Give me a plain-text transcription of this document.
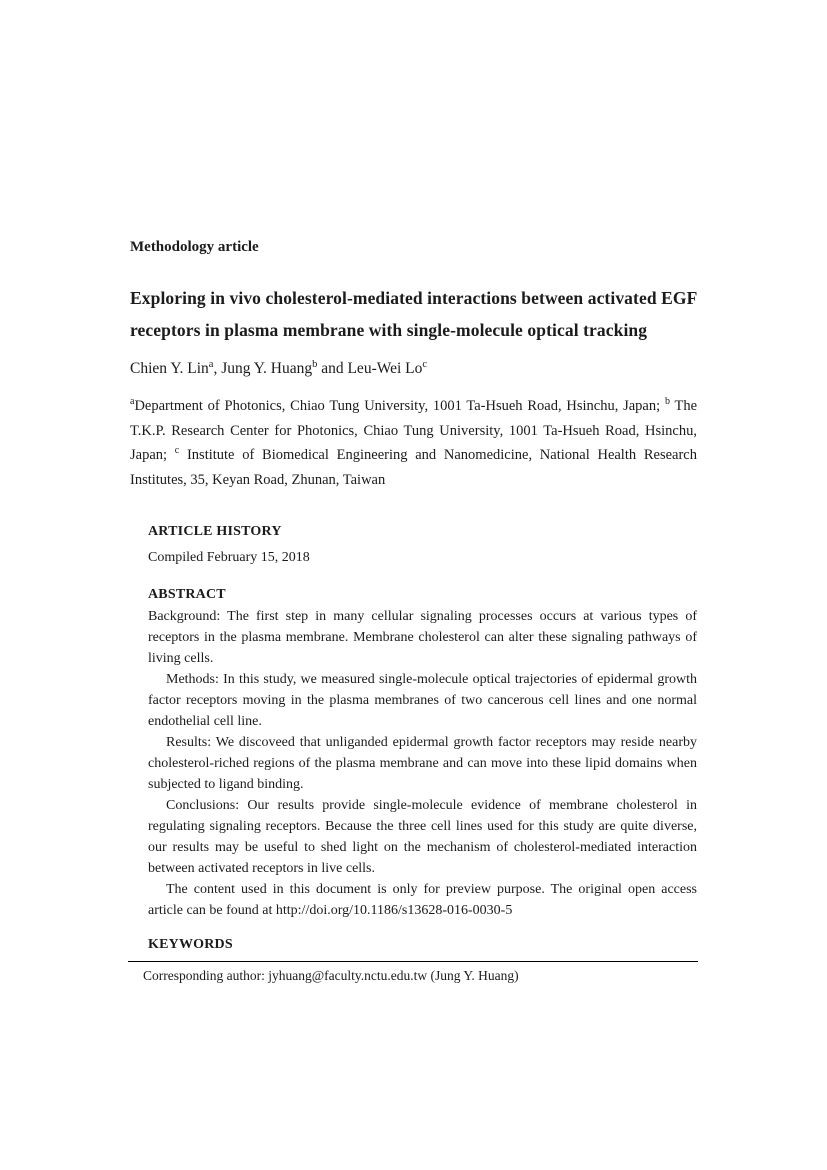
Methodology article

Exploring in vivo cholesterol-mediated interactions between activated EGF receptors in plasma membrane with single-molecule optical tracking

Chien Y. Lin$^a$, Jung Y. Huang$^b$ and Leu-Wei Lo$^c$

$^a$Department of Photonics, Chiao Tung University, 1001 Ta-Hsueh Road, Hsinchu, Japan; $^b$ The T.K.P. Research Center for Photonics, Chiao Tung University, 1001 Ta-Hsueh Road, Hsinchu, Japan; $^c$ Institute of Biomedical Engineering and Nanomedicine, National Health Research Institutes, 35, Keyan Road, Zhunan, Taiwan

ARTICLE HISTORY

Compiled February 15, 2018

ABSTRACT

Background: The first step in many cellular signaling processes occurs at various types of receptors in the plasma membrane. Membrane cholesterol can alter these signaling pathways of living cells.

Methods: In this study, we measured single-molecule optical trajectories of epidermal growth factor receptors moving in the plasma membranes of two cancerous cell lines and one normal endothelial cell line.

Results: We discoveed that unliganded epidermal growth factor receptors may reside nearby cholesterol-riched regions of the plasma membrane and can move into these lipid domains when subjected to ligand binding.

Conclusions: Our results provide single-molecule evidence of membrane cholesterol in regulating signaling receptors. Because the three cell lines used for this study are quite diverse, our results may be useful to shed light on the mechanism of cholesterol-mediated interaction between activated receptors in live cells.

The content used in this document is only for preview purpose. The original open access article can be found at http://doi.org/10.1186/s13628-016-0030-5

KEYWORDS

Corresponding author: jyhuang@faculty.nctu.edu.tw (Jung Y. Huang)
